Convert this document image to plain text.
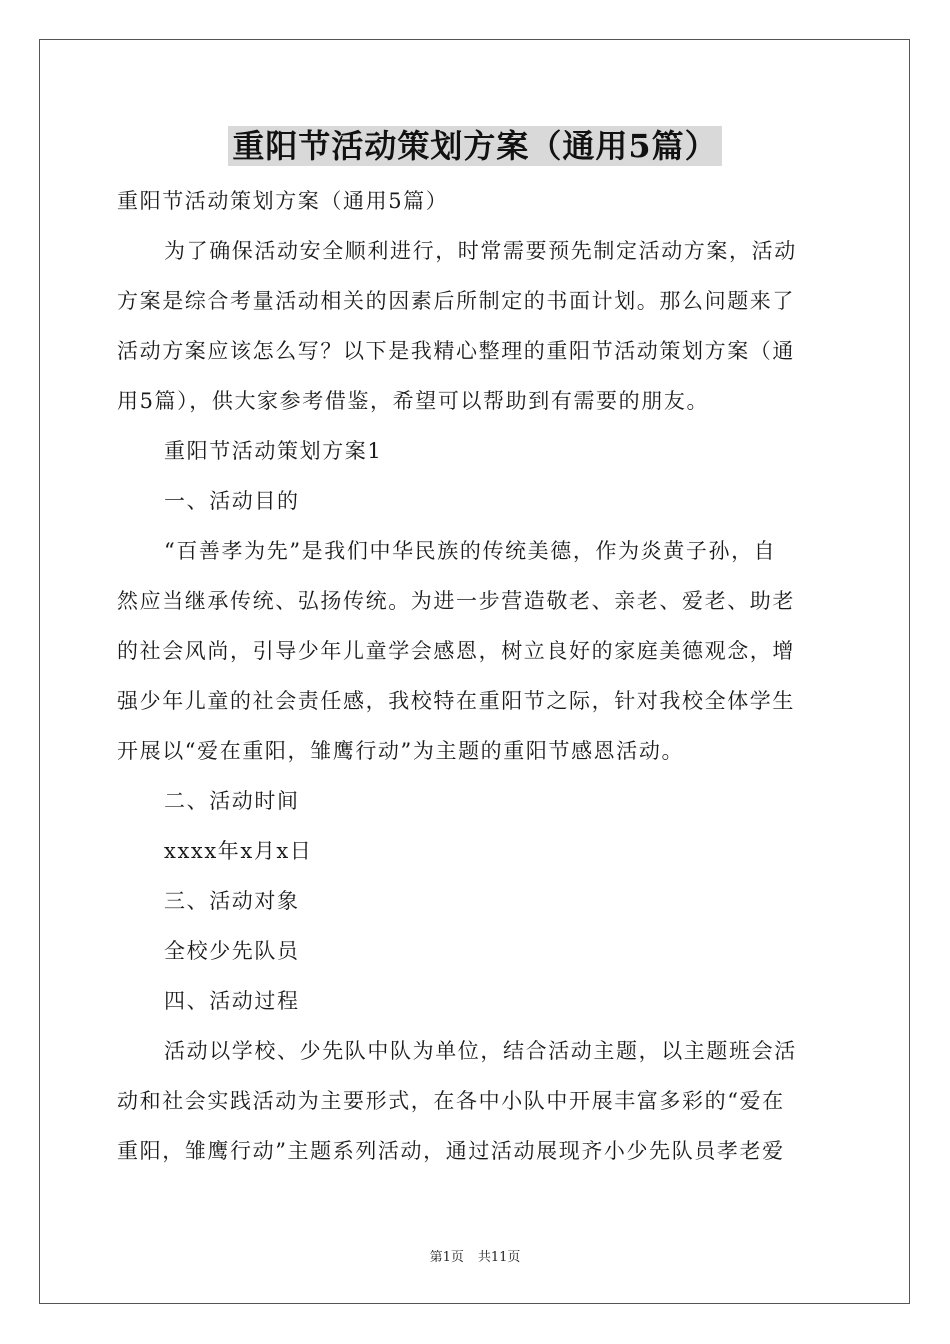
重阳节活动策划方案（通用5篇）

重阳节活动策划方案（通用5篇）

为了确保活动安全顺利进行，时常需要预先制定活动方案，活动

方案是综合考量活动相关的因素后所制定的书面计划。那么问题来了

活动方案应该怎么写？以下是我精心整理的重阳节活动策划方案（通

用5篇），供大家参考借鉴，希望可以帮助到有需要的朋友。

重阳节活动策划方案1

一、活动目的

“百善孝为先”是我们中华民族的传统美德，作为炎黄子孙，自

然应当继承传统、弘扬传统。为进一步营造敬老、亲老、爱老、助老

的社会风尚，引导少年儿童学会感恩，树立良好的家庭美德观念，增

强少年儿童的社会责任感，我校特在重阳节之际，针对我校全体学生

开展以“爱在重阳，雏鹰行动”为主题的重阳节感恩活动。

二、活动时间

xxxx年x月x日

三、活动对象

全校少先队员

四、活动过程

活动以学校、少先队中队为单位，结合活动主题，以主题班会活

动和社会实践活动为主要形式，在各中小队中开展丰富多彩的“爱在

重阳，雏鹰行动”主题系列活动，通过活动展现齐小少先队员孝老爱

第1页 共11页
